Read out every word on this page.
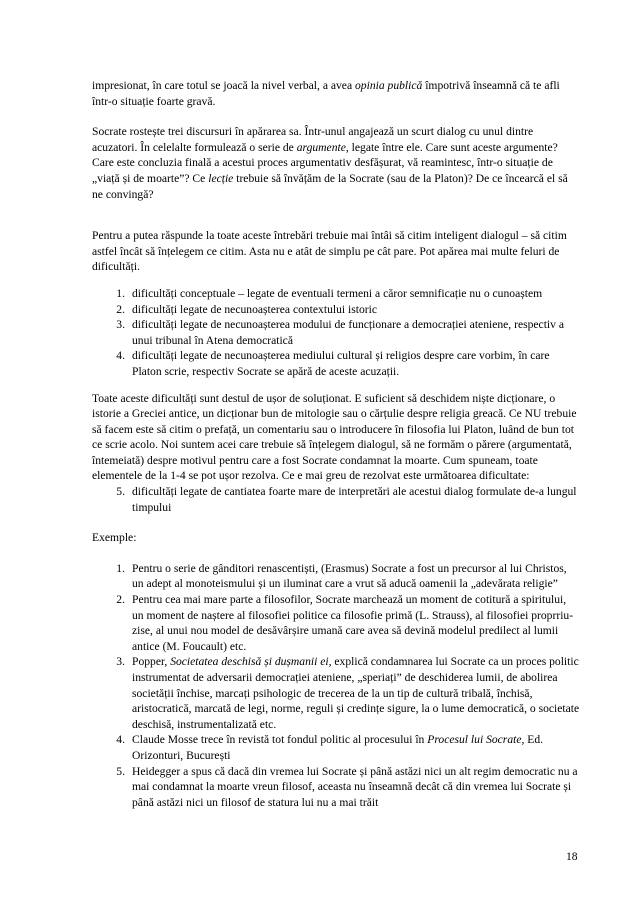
impresionat, în care totul se joacă la nivel verbal, a avea opinia publică împotrivă înseamnă că te afli într-o situație foarte gravă.

Socrate rostește trei discursuri în apărarea sa. Într-unul angajează un scurt dialog cu unul dintre acuzatori. În celelalte formulează o serie de argumente, legate între ele. Care sunt aceste argumente? Care este concluzia finală a acestui proces argumentativ desfășurat, vă reamintesc, într-o situație de „viață și de moarte”? Ce lecție trebuie să învățăm de la Socrate (sau de la Platon)? De ce încearcă el să ne convingă?

Pentru a putea răspunde la toate aceste întrebări trebuie mai întâi să citim inteligent dialogul – să citim astfel încât să înțelegem ce citim. Asta nu e atât de simplu pe cât pare. Pot apărea mai multe feluri de dificultăți.

1. dificultăți conceptuale – legate de eventuali termeni a căror semnificație nu o cunoaștem
2. dificultăți legate de necunoașterea contextului istoric
3. dificultăți legate de necunoașterea modului de funcționare a democrației ateniene, respectiv a unui tribunal în Atena democratică
4. dificultăți legate de necunoașterea mediului cultural și religios despre care vorbim, în care Platon scrie, respectiv Socrate se apără de aceste acuzații.

Toate aceste dificultăți sunt destul de ușor de soluționat. E suficient să deschidem niște dicționare, o istorie a Greciei antice, un dicționar bun de mitologie sau o cărțulie despre religia greacă. Ce NU trebuie să facem este să citim o prefață, un comentariu sau o introducere în filosofia lui Platon, luând de bun tot ce scrie acolo. Noi suntem acei care trebuie să înțelegem dialogul, să ne formăm o părere (argumentată, întemeiată) despre motivul pentru care a fost Socrate condamnat la moarte. Cum spuneam, toate elementele de la 1-4 se pot ușor rezolva. Ce e mai greu de rezolvat este următoarea dificultate:

5. dificultăți legate de cantiatea foarte mare de interpretări ale acestui dialog formulate de-a lungul timpului

Exemple:

1. Pentru o serie de gânditori renascentiști, (Erasmus) Socrate a fost un precursor al lui Christos, un adept al monoteismului și un iluminat care a vrut să aducă oamenii la „adevărata religie”
2. Pentru cea mai mare parte a filosofilor, Socrate marchează un moment de cotitură a spiritului, un moment de naștere al filosofiei politice ca filosofie primă (L. Strauss), al filosofiei proprriu-zise, al unui nou model de desăvârșire umană care avea să devină modelul predilect al lumii antice (M. Foucault) etc.
3. Popper, Societatea deschisă și dușmanii ei, explică condamnarea lui Socrate ca un proces politic instrumentat de adversarii democrației ateniene, „speriați” de deschiderea lumii, de abolirea societății închise, marcați psihologic de trecerea de la un tip de cultură tribală, închisă, aristocratică, marcată de legi, norme, reguli și credințe sigure, la o lume democratică, o societate deschisă, instrumentalizată etc.
4. Claude Mosse trece în revistă tot fondul politic al procesului în Procesul lui Socrate, Ed. Orizonturi, București
5. Heidegger a spus că dacă din vremea lui Socrate și până astăzi nici un alt regim democratic nu a mai condamnat la moarte vreun filosof, aceasta nu înseamnă decât că din vremea lui Socrate și până astăzi nici un filosof de statura lui nu a mai trăit
18
